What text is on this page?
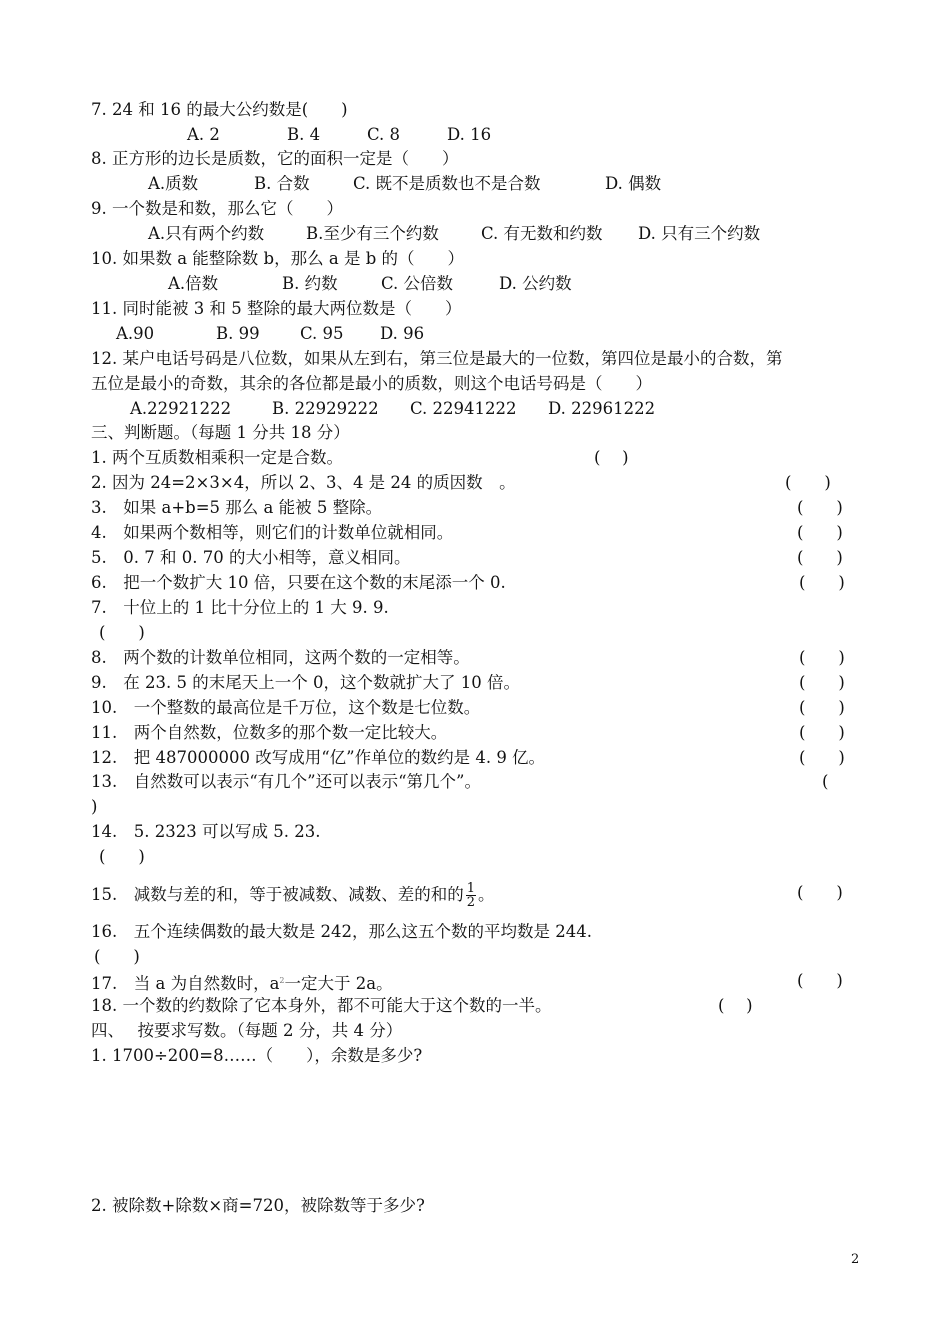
7. 24 和 16 的最大公约数是(　　)
A. 2	B. 4	C. 8	D. 16
8. 正方形的边长是质数，它的面积一定是（　　）
A.质数	B. 合数	C. 既不是质数也不是合数	D. 偶数
9. 一个数是和数，那么它（　　）
A.只有两个约数	B.至少有三个约数	C. 有无数和约数 D. 只有三个约数
10. 如果数 a 能整除数 b，那么 a 是 b 的（　　）
A.倍数	B. 约数	C. 公倍数	D. 公约数
11. 同时能被 3 和 5 整除的最大两位数是（　　）
A.90	B. 99 C. 95 D. 96
12. 某户电话号码是八位数，如果从左到右，第三位是最大的一位数，第四位是最小的合数，第
五位是最小的奇数，其余的各位都是最小的质数，则这个电话号码是（　　）
A.22921222 B. 22929222 C. 22941222 D. 22961222
三、判断题。（每题 1 分共 18 分）
1. 两个互质数相乘积一定是合数。	(　 )
2. 因为 24=2×3×4，所以 2、3、4 是 24 的质因数　。	(　　)
3.　如果 a+b=5 那么 a 能被 5 整除。	(　　)
4.　如果两个数相等，则它们的计数单位就相同。	(　　)
5.　0. 7 和 0. 70 的大小相等，意义相同。	(　　)
6.　把一个数扩大 10 倍，只要在这个数的末尾添一个 0.	(　　)
7.　十位上的 1 比十分位上的 1 大 9. 9.
(　　)
8.　两个数的计数单位相同，这两个数的一定相等。	(　　)
9.　在 23. 5 的末尾天上一个 0，这个数就扩大了 10 倍。	(　　)
10.　一个整数的最高位是千万位，这个数是七位数。	(　　)
11.　两个自然数，位数多的那个数一定比较大。	(　　)
12.　把 487000000 改写成用“亿”作单位的数约是 4. 9 亿。	(　　)
13.　自然数可以表示“有几个”还可以表示“第几个”。	(
)
14.　5. 2323 可以写成 5. 23.
(　　)
15.　减数与差的和，等于被减数、减数、差的和的 $\frac{1}{2}$ 。	(　　)
16.　五个连续偶数的最大数是 242，那么这五个数的平均数是 244.
(　　)
17.　当 a 为自然数时，$a^2$一定大于 2a。	(　　)
18. 一个数的约数除了它本身外，都不可能大于这个数的一半。	(　 )
四、　 按要求写数。（每题 2 分，共 4 分）
1. 1700÷200=8……（　　），余数是多少?
2. 被除数+除数×商=720，被除数等于多少?
2
